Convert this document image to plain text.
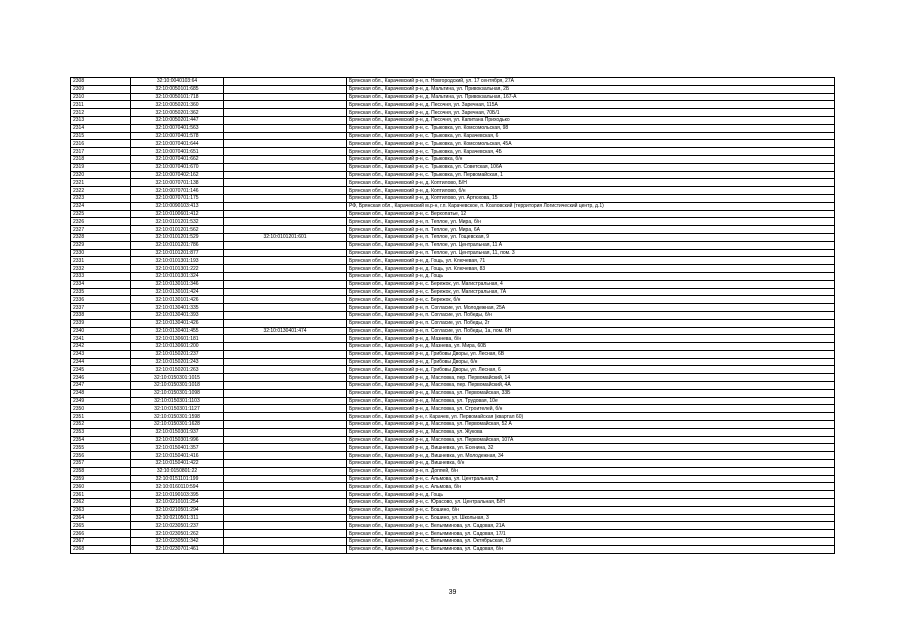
2308	32:10:0040103:64		Брянская обл., Карачевский р-н, п. Новгородский, ул. 17 сентября, 27А
2309	32:10:0050101:685		Брянская обл., Карачевский р-н, д. Мальтина, ул. Привокзальная, 2Б
2310	32:10:0050101:718		Брянская обл., Карачевский р-н, д. Мальтина, ул. Привокзальная, 167-А
2311	32:10:0050201:360		Брянская обл., Карачевский р-н, д. Песочня, ул. Заречная, 115А
2312	32:10:0050201:362		Брянская обл., Карачевский р-н, д. Песочня, ул. Заречная, 70Б/1
2313	32:10:0050201:447		Брянская обл., Карачевский р-н, д. Песочня, ул. Капитана Приходько
2314	32:10:0070401:563		Брянская обл., Карачевский р-н, с. Трыковка, ул. Комсомольская, 98
2315	32:10:0070401:578		Брянская обл., Карачевский р-н, с. Трыковка, ул. Карачевская, 6
2316	32:10:0070401:644		Брянская обл., Карачевский р-н, с. Трыковка, ул. Комсомольская, 45А
2317	32:10:0070401:651		Брянская обл., Карачевский р-н, с. Трыковка, ул. Карачевская, 4Б
2318	32:10:0070401:662		Брянская обл., Карачевский р-н, с. Трыковка, б/н
2319	32:10:0070401:670		Брянская обл., Карачевский р-н, с. Трыковка, ул. Советская, 106А
2320	32:10:0070402:162		Брянская обл., Карачевский р-н, с. Трыковка, ул. Первомайская, 1
2321	32:10:0070701:138		Брянская обл., Карачевский р-н, д. Коптилово, Б/Н
2322	32:10:0070701:146		Брянская обл., Карачевский р-н, д. Коптилово, б/н
2323	32:10:0070701:175		Брянская обл., Карачевский р-н, д. Коптилово, ул. Артюхова, 15
2324	32:10:0090103:413		РФ, Брянская обл., Карачевский м.р-н, г.п. Карачевское, п. Козловский (территория Логистический центр, д.1)
2325	32:10:0100601:412		Брянская обл., Карачевский р-н, с. Верхопатье, 12
2326	32:10:0101201:532		Брянская обл., Карачевский р-н, п. Теплое, ул. Мира, б/н
2327	32:10:0101201:562		Брянская обл., Карачевский р-н, п. Теплое, ул. Мира, 6А
2328	32:10:0101201:529	32:10:0101201:601	Брянская обл., Карачевский р-н, п. Теплое, ул. Гощевская, 9
2329	32:10:0101201:786		Брянская обл., Карачевский р-н, п. Теплое, ул. Центральная, 11 А
2330	32:10:0101201:877		Брянская обл., Карачевский р-н, п. Теплое, ул. Центральная, 11, пом. 3
2331	32:10:0101301:193		Брянская обл., Карачевский р-н, д. Гощь, ул. Ключевая, 71
2332	32:10:0101301:222		Брянская обл., Карачевский р-н, д. Гощь, ул. Ключевая, 83
2333	32:10:0101301:324		Брянская обл., Карачевский р-н, д. Гощь
2334	32:10:0130101:346		Брянская обл., Карачевский р-н, с. Бережок, ул. Магистральная, 4
2335	32:10:0130101:424		Брянская обл., Карачевский р-н, с. Бережок, ул. Магистральная, 7А
2336	32:10:0130101:426		Брянская обл., Карачевский р-н, с. Бережок, б/н
2337	32:10:0130401:335		Брянская обл., Карачевский р-н, п. Согласие, ул. Молодежная, 25А
2338	32:10:0130401:393		Брянская обл., Карачевский р-н, п. Согласие, ул. Победы, б/н
2339	32:10:0130401:426		Брянская обл., Карачевский р-н, п. Согласие, ул. Победы, 2г
2340	32:10:0130401:455	32:10:0130401:474	Брянская обл., Карачевский р-н, п. Согласие, ул. Победы, 1а, пом. 6Н
2341	32:10:0130601:181		Брянская обл., Карачевский р-н, д. Мазнева, б/н
2342	32:10:0130601:200		Брянская обл., Карачевский р-н, д. Мазнева, ул. Мира, 60Б
2343	32:10:0150201:237		Брянская обл., Карачевский р-н, д. Грибовы Дворы, ул. Лесная, 6В
2344	32:10:0150201:243		Брянская обл., Карачевский р-н, д. Грибовы Дворы, б/н
2345	32:10:0150201:263		Брянская обл., Карачевский р-н, д. Грибовы Дворы, ул. Лесная, 6
2346	32:10:0150301:1015		Брянская обл., Карачевский р-н, д. Масловка, пер. Первомайский, 14
2347	32:10:0150301:1018		Брянская обл., Карачевский р-н, д. Масловка, пер. Первомайский, 4А
2348	32:10:0150301:1098		Брянская обл., Карачевский р-н, д. Масловка, ул. Первомайская, 33Б
2349	32:10:0150301:1103		Брянская обл., Карачевский р-н, д. Масловка, ул. Трудовая, 10е
2350	32:10:0150301:1127		Брянская обл., Карачевский р-н, д. Масловка, ул. Строителей, б/н
2351	32:10:0150301:1598		Брянская обл., Карачевский р-н, г. Карачев, ул. Первомайская (квартал 60)
2352	32:10:0150301:1628		Брянская обл., Карачевский р-н, д. Масловка, ул. Первомайская, 52 А
2353	32:10:0150301:937		Брянская обл., Карачевский р-н, д. Масловка, ул. Жукова
2354	32:10:0150301:996		Брянская обл., Карачевский р-н, д. Масловка, ул. Первомайская, 107А
2355	32:10:0150401:357		Брянская обл., Карачевский р-н, д. Вишневка, ул. Есенина, 32
2356	32:10:0150401:416		Брянская обл., Карачевский р-н, д. Вишневка, ул. Молодежная, 34
2357	32:10:0150401:422		Брянская обл., Карачевский р-н, д. Вишневка, б/н
2358	32:10:0150801:22		Брянская обл., Карачевский р-н, п. Доппей, б/н
2359	32:10:0151101:199		Брянская обл., Карачевский р-н, с. Альмова, ул. Центральная, 2
2360	32:10:0160110:594		Брянская обл., Карачевский р-н, с. Альмова, б/н
2361	32:10:0190103:395		Брянская обл., Карачевский р-н, д. Гощь
2362	32:10:0210101:254		Брянская обл., Карачевский р-н, с. Юрасово, ул. Центральная, Б/Н
2363	32:10:0210501:294		Брянская обл., Карачевский р-н, с. Бошино, б/н
2364	32:10:0210501:311		Брянская обл., Карачевский р-н, с. Бошино, ул. Школьная, 3
2365	32:10:0230501:237		Брянская обл., Карачевский р-н, с. Вельяминова, ул. Садовая, 21А
2366	32:10:0230501:262		Брянская обл., Карачевский р-н, с. Вельяминова, ул. Садовая, 17/1
2367	32:10:0230501:342		Брянская обл., Карачевский р-н, с. Вельяминова, ул. Октябрьская, 19
2368	32:10:0230701:461		Брянская обл., Карачевский р-н, с. Вельяминова, ул. Садовая, б/н
39
